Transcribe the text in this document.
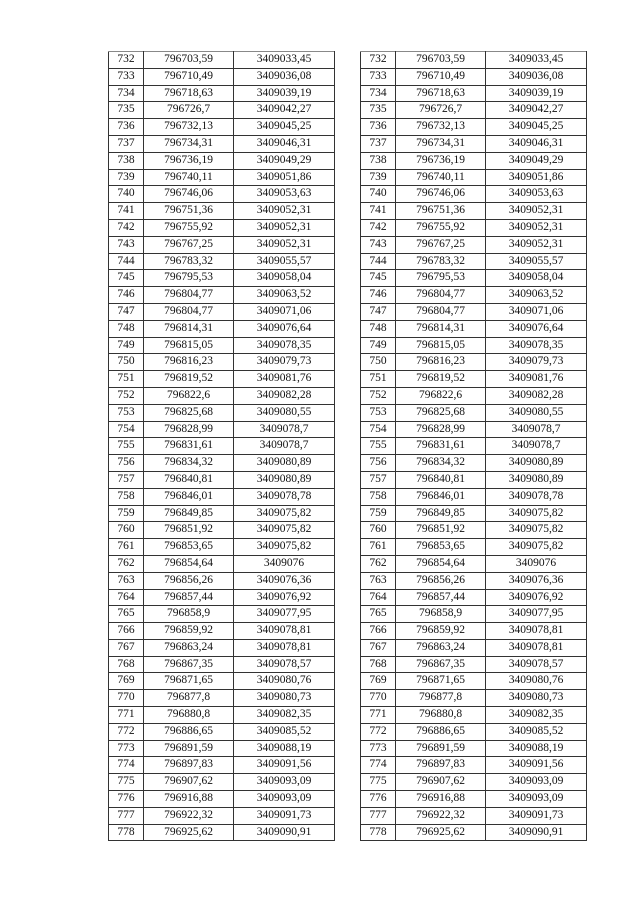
732	796703,59	3409033,45
733	796710,49	3409036,08
734	796718,63	3409039,19
735	796726,7	3409042,27
736	796732,13	3409045,25
737	796734,31	3409046,31
738	796736,19	3409049,29
739	796740,11	3409051,86
740	796746,06	3409053,63
741	796751,36	3409052,31
742	796755,92	3409052,31
743	796767,25	3409052,31
744	796783,32	3409055,57
745	796795,53	3409058,04
746	796804,77	3409063,52
747	796804,77	3409071,06
748	796814,31	3409076,64
749	796815,05	3409078,35
750	796816,23	3409079,73
751	796819,52	3409081,76
752	796822,6	3409082,28
753	796825,68	3409080,55
754	796828,99	3409078,7
755	796831,61	3409078,7
756	796834,32	3409080,89
757	796840,81	3409080,89
758	796846,01	3409078,78
759	796849,85	3409075,82
760	796851,92	3409075,82
761	796853,65	3409075,82
762	796854,64	3409076
763	796856,26	3409076,36
764	796857,44	3409076,92
765	796858,9	3409077,95
766	796859,92	3409078,81
767	796863,24	3409078,81
768	796867,35	3409078,57
769	796871,65	3409080,76
770	796877,8	3409080,73
771	796880,8	3409082,35
772	796886,65	3409085,52
773	796891,59	3409088,19
774	796897,83	3409091,56
775	796907,62	3409093,09
776	796916,88	3409093,09
777	796922,32	3409091,73
778	796925,62	3409090,91
732	796703,59	3409033,45
733	796710,49	3409036,08
734	796718,63	3409039,19
735	796726,7	3409042,27
736	796732,13	3409045,25
737	796734,31	3409046,31
738	796736,19	3409049,29
739	796740,11	3409051,86
740	796746,06	3409053,63
741	796751,36	3409052,31
742	796755,92	3409052,31
743	796767,25	3409052,31
744	796783,32	3409055,57
745	796795,53	3409058,04
746	796804,77	3409063,52
747	796804,77	3409071,06
748	796814,31	3409076,64
749	796815,05	3409078,35
750	796816,23	3409079,73
751	796819,52	3409081,76
752	796822,6	3409082,28
753	796825,68	3409080,55
754	796828,99	3409078,7
755	796831,61	3409078,7
756	796834,32	3409080,89
757	796840,81	3409080,89
758	796846,01	3409078,78
759	796849,85	3409075,82
760	796851,92	3409075,82
761	796853,65	3409075,82
762	796854,64	3409076
763	796856,26	3409076,36
764	796857,44	3409076,92
765	796858,9	3409077,95
766	796859,92	3409078,81
767	796863,24	3409078,81
768	796867,35	3409078,57
769	796871,65	3409080,76
770	796877,8	3409080,73
771	796880,8	3409082,35
772	796886,65	3409085,52
773	796891,59	3409088,19
774	796897,83	3409091,56
775	796907,62	3409093,09
776	796916,88	3409093,09
777	796922,32	3409091,73
778	796925,62	3409090,91
